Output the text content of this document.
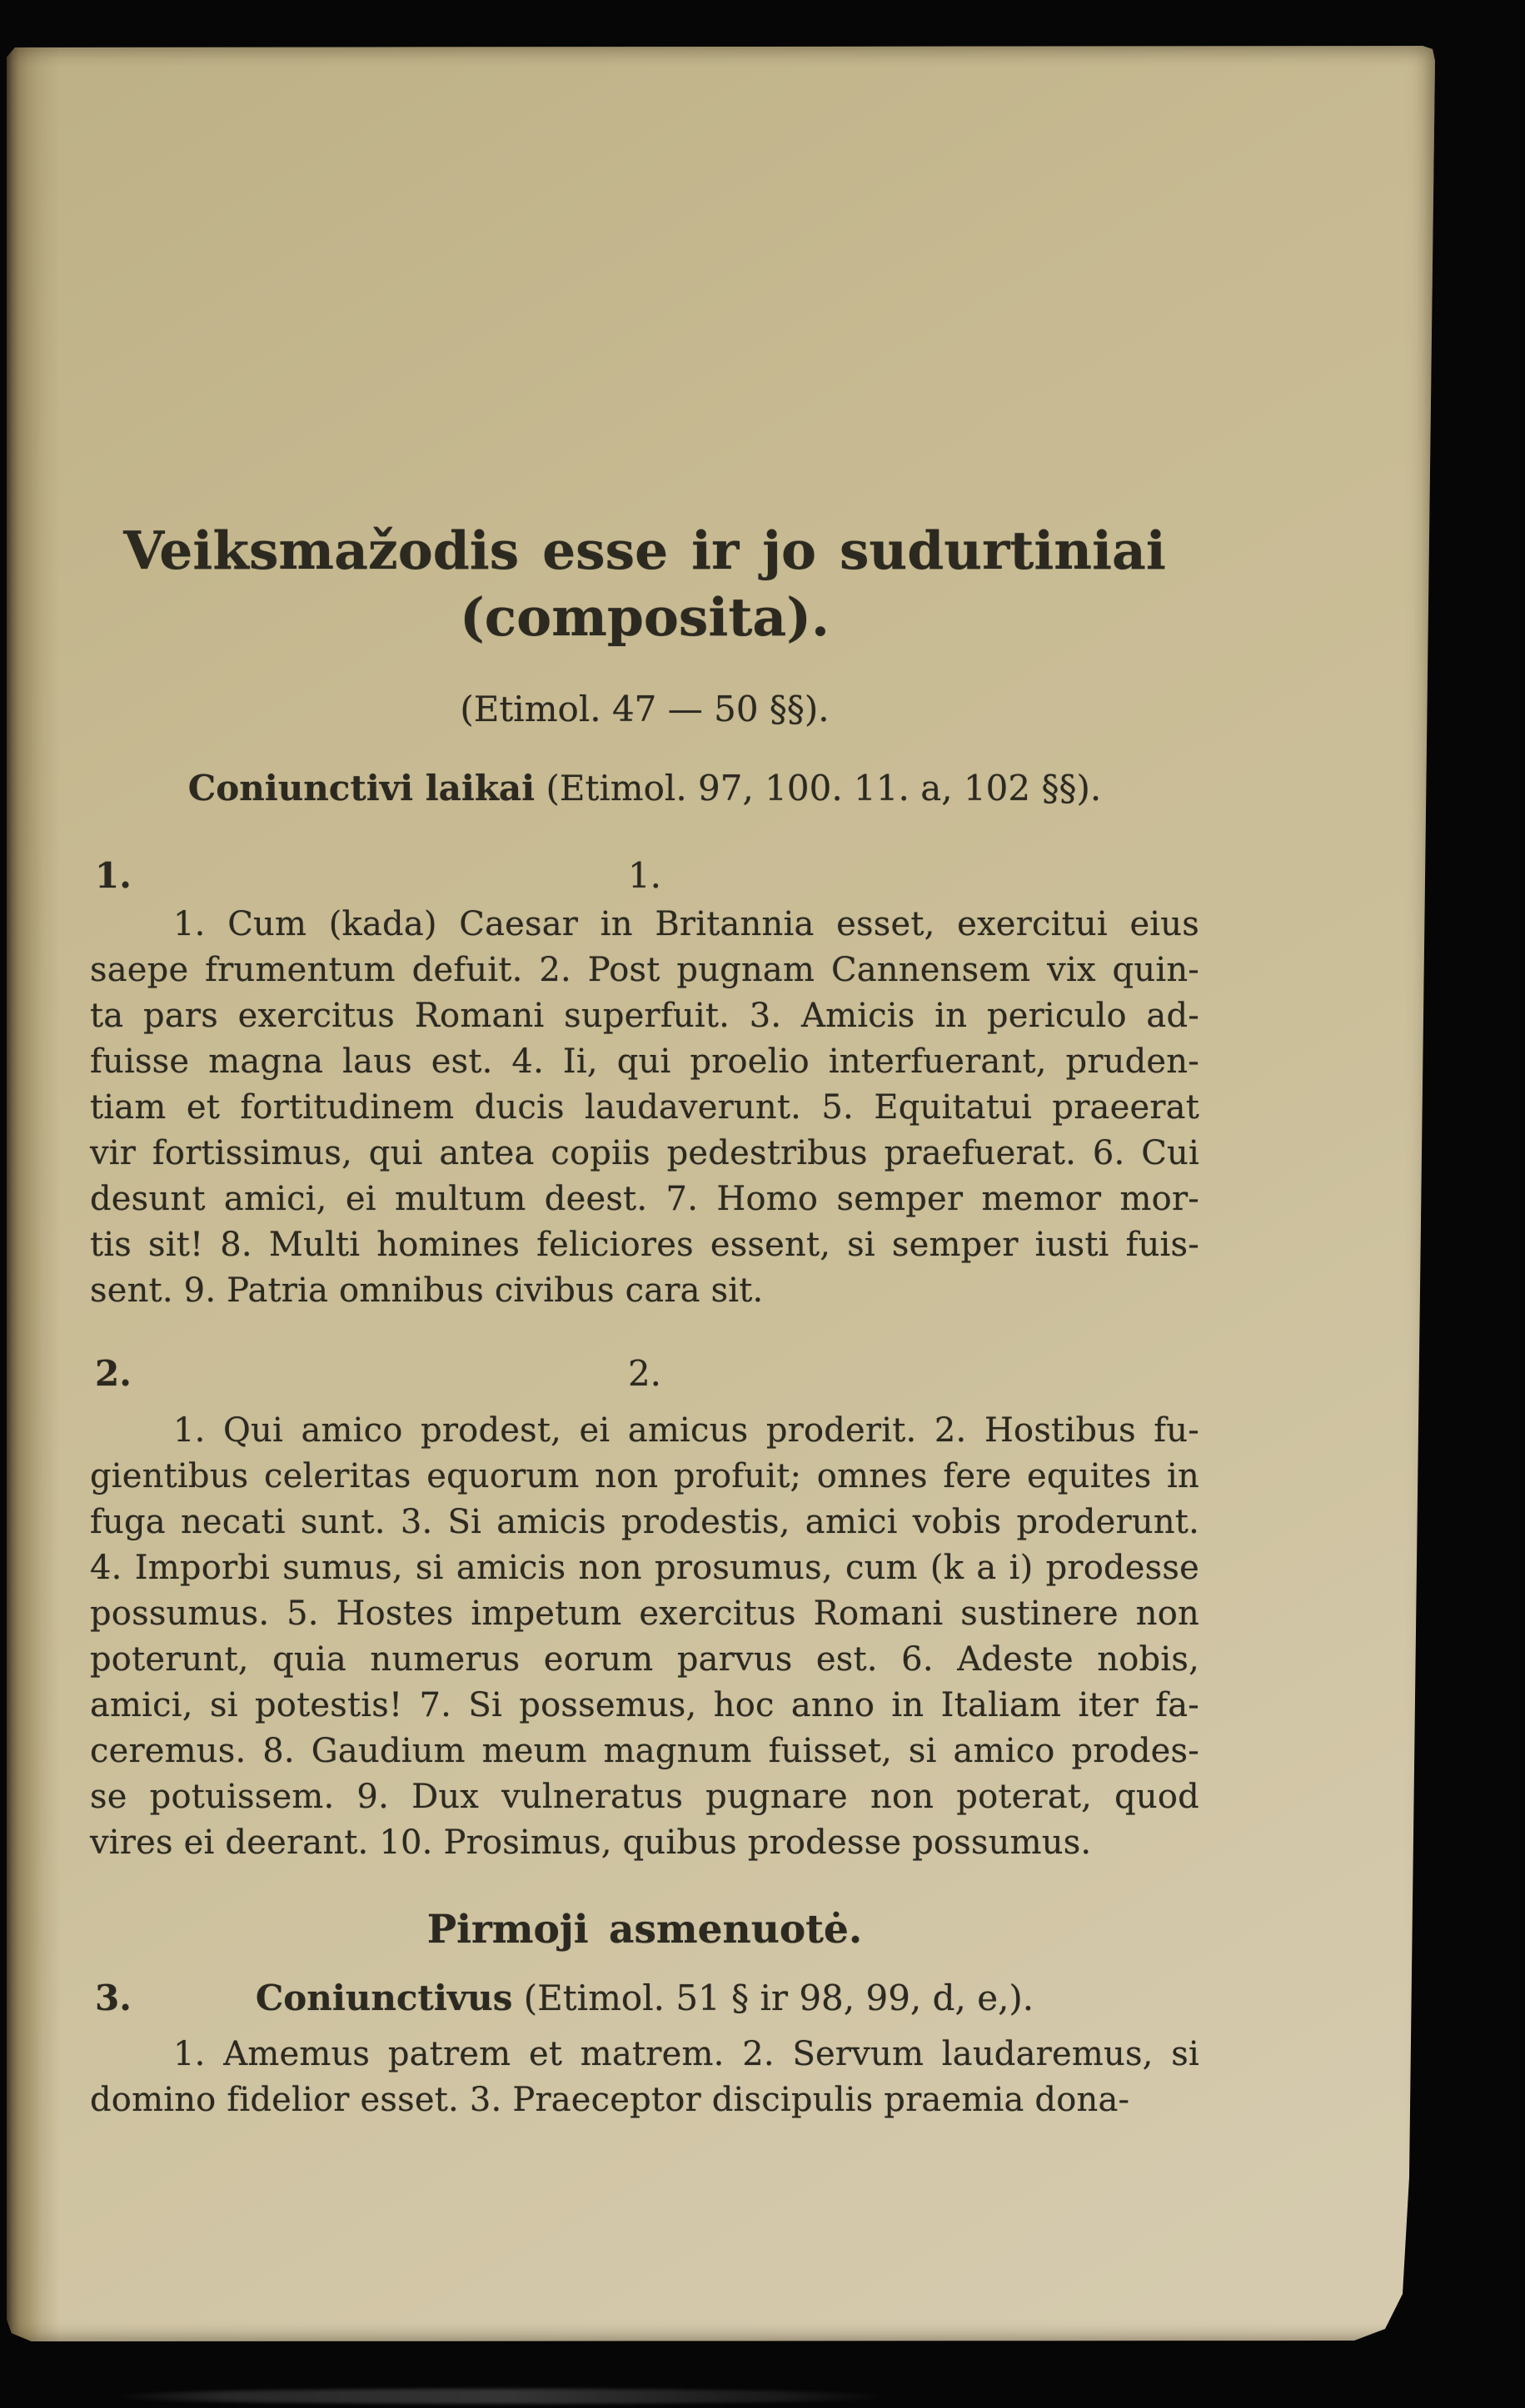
Veiksmažodis esse ir jo sudurtiniai
(composita).
(Etimol. 47 — 50 §§).
Coniunctivi laikai (Etimol. 97, 100. 11. a, 102 §§).
1.	1.
1. Cum (kada) Caesar in Britannia esset, exercitui eius
saepe frumentum defuit. 2. Post pugnam Cannensem vix quin-
ta pars exercitus Romani superfuit. 3. Amicis in periculo ad-
fuisse magna laus est. 4. Ii, qui proelio interfuerant, pruden-
tiam et fortitudinem ducis laudaverunt. 5. Equitatui praeerat
vir fortissimus, qui antea copiis pedestribus praefuerat. 6. Cui
desunt amici, ei multum deest. 7. Homo semper memor mor-
tis sit! 8. Multi homines feliciores essent, si semper iusti fuis-
sent. 9. Patria omnibus civibus cara sit.
2.	2.
1. Qui amico prodest, ei amicus proderit. 2. Hostibus fu-
gientibus celeritas equorum non profuit; omnes fere equites in
fuga necati sunt. 3. Si amicis prodestis, amici vobis proderunt.
4. Imporbi sumus, si amicis non prosumus, cum (k a i) prodesse
possumus. 5. Hostes impetum exercitus Romani sustinere non
poterunt, quia numerus eorum parvus est. 6. Adeste nobis,
amici, si potestis! 7. Si possemus, hoc anno in Italiam iter fa-
ceremus. 8. Gaudium meum magnum fuisset, si amico prodes-
se potuissem. 9. Dux vulneratus pugnare non poterat, quod
vires ei deerant. 10. Prosimus, quibus prodesse possumus.
Pirmoji asmenuotė.
3.	Coniunctivus (Etimol. 51 § ir 98, 99, d, e,).
1. Amemus patrem et matrem. 2. Servum laudaremus, si
domino fidelior esset. 3. Praeceptor discipulis praemia dona-
